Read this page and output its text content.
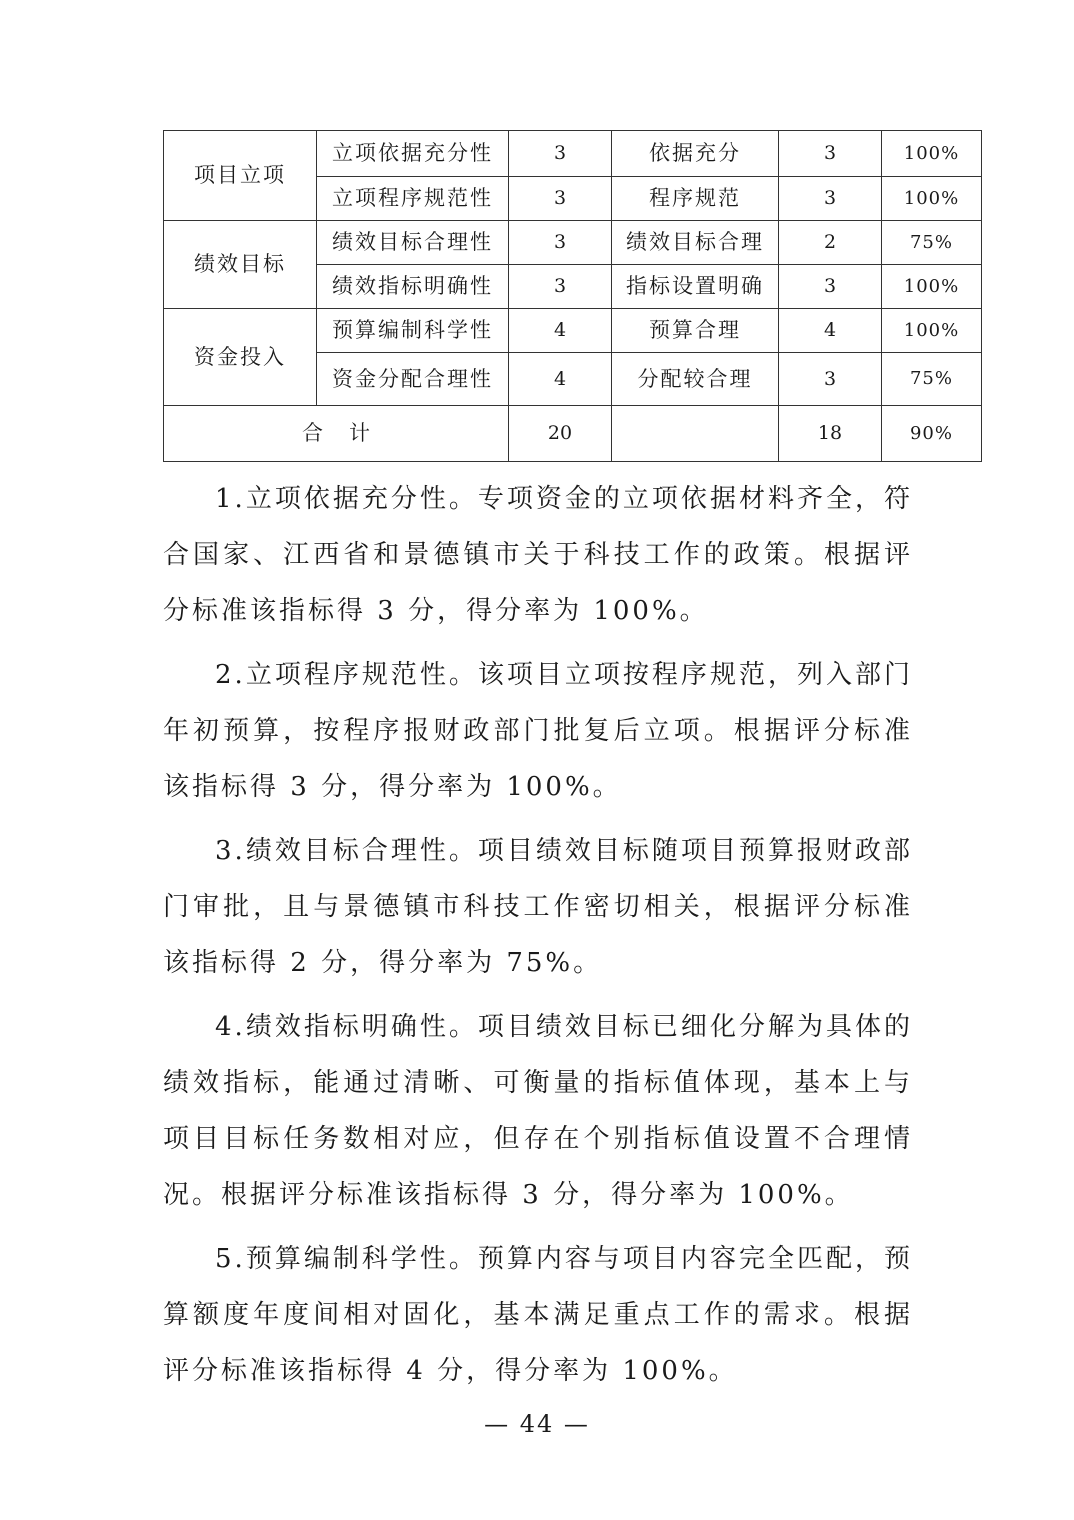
项目立项	立项依据充分性	3	依据充分	3	100%
	立项程序规范性	3	程序规范	3	100%
绩效目标	绩效目标合理性	3	绩效目标合理	2	75%
	绩效指标明确性	3	指标设置明确	3	100%
资金投入	预算编制科学性	4	预算合理	4	100%
	资金分配合理性	4	分配较合理	3	75%
合计		20		18	90%

1.立项依据充分性。专项资金的立项依据材料齐全，符合国家、江西省和景德镇市关于科技工作的政策。根据评分标准该指标得 3 分，得分率为 100%。

2.立项程序规范性。该项目立项按程序规范，列入部门年初预算，按程序报财政部门批复后立项。根据评分标准该指标得 3 分，得分率为 100%。

3.绩效目标合理性。项目绩效目标随项目预算报财政部门审批，且与景德镇市科技工作密切相关，根据评分标准该指标得 2 分，得分率为 75%。

4.绩效指标明确性。项目绩效目标已细化分解为具体的绩效指标，能通过清晰、可衡量的指标值体现，基本上与项目目标任务数相对应，但存在个别指标值设置不合理情况。根据评分标准该指标得 3 分，得分率为 100%。

5.预算编制科学性。预算内容与项目内容完全匹配，预算额度年度间相对固化，基本满足重点工作的需求。根据评分标准该指标得 4 分，得分率为 100%。

— 44 —
